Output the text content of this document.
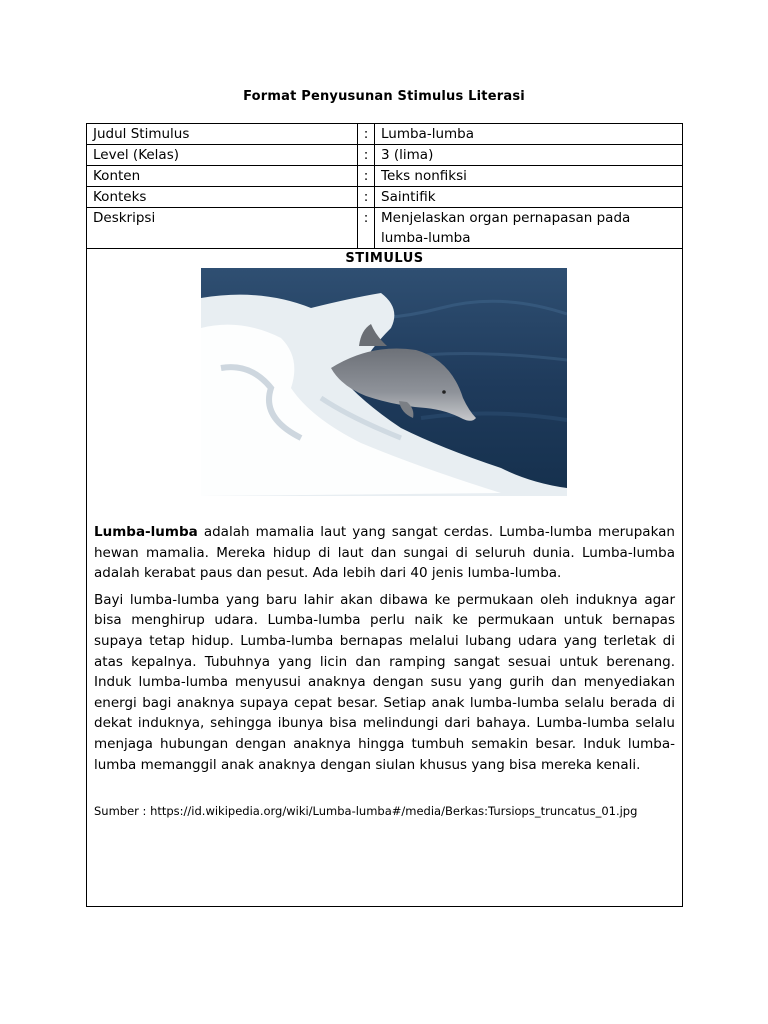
Format Penyusunan Stimulus Literasi
Judul Stimulus	:	Lumba-lumba
Level (Kelas)	:	3 (lima)
Konten	:	Teks nonfiksi
Konteks	:	Saintifik
Deskripsi	:	Menjelaskan organ pernapasan pada lumba-lumba
STIMULUS

Lumba-lumba adalah mamalia laut yang sangat cerdas. Lumba-lumba merupakan hewan mamalia. Mereka hidup di laut dan sungai di seluruh dunia. Lumba-lumba adalah kerabat paus dan pesut. Ada lebih dari 40 jenis lumba-lumba.

Bayi lumba-lumba yang baru lahir akan dibawa ke permukaan oleh induknya agar bisa menghirup udara. Lumba-lumba perlu naik ke permukaan untuk bernapas supaya tetap hidup. Lumba-lumba bernapas melalui lubang udara yang terletak di atas kepalnya. Tubuhnya yang licin dan ramping sangat sesuai untuk berenang. Induk lumba-lumba menyusui anaknya dengan susu yang gurih dan menyediakan energi bagi anaknya supaya cepat besar. Setiap anak lumba-lumba selalu berada di dekat induknya, sehingga ibunya bisa melindungi dari bahaya. Lumba-lumba selalu menjaga hubungan dengan anaknya hingga tumbuh semakin besar. Induk lumba-lumba memanggil anak anaknya dengan siulan khusus yang bisa mereka kenali.

Sumber : https://id.wikipedia.org/wiki/Lumba-lumba#/media/Berkas:Tursiops_truncatus_01.jpg
